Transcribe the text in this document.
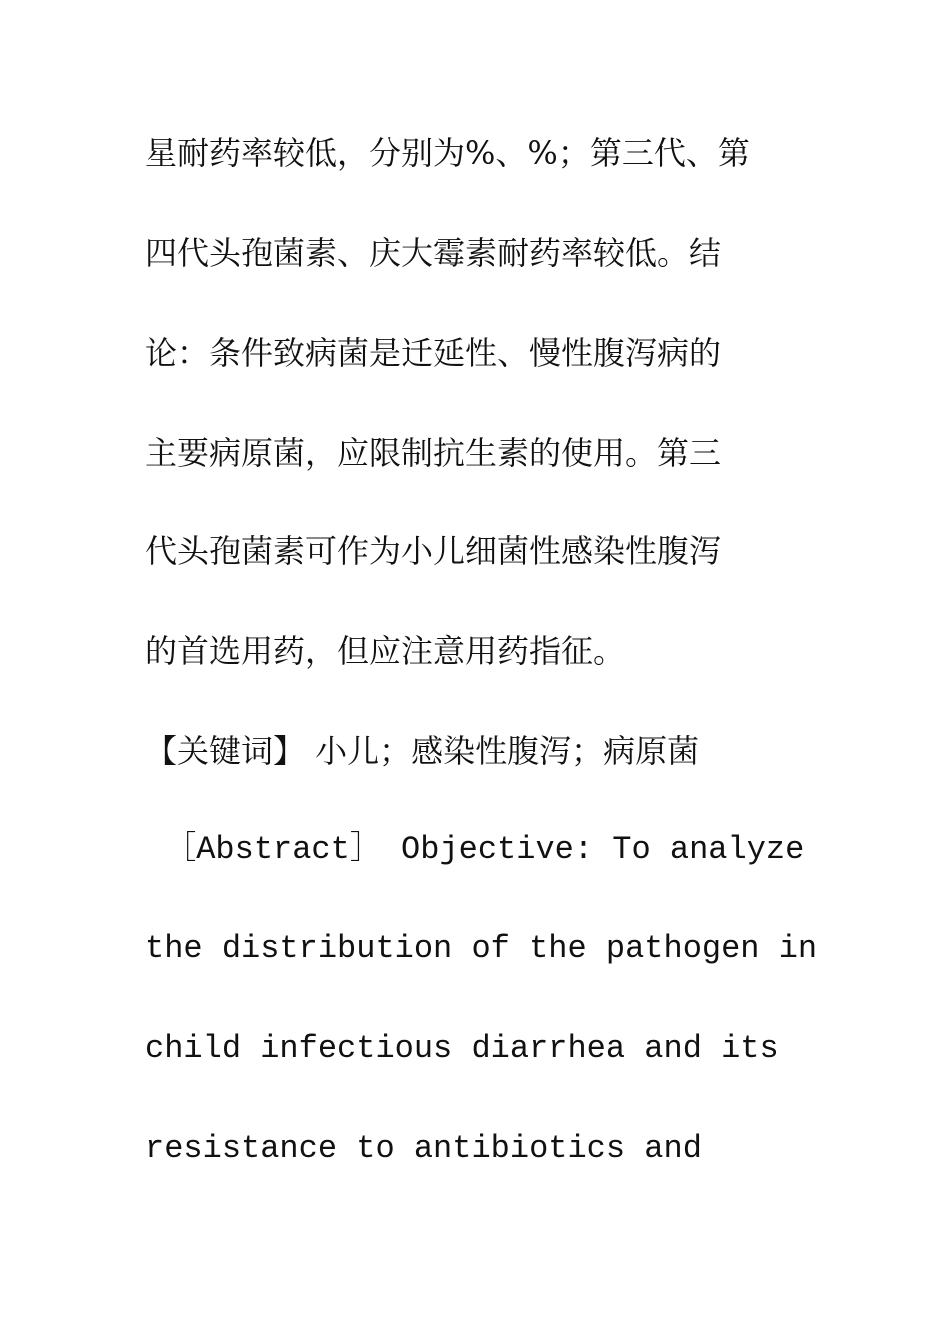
星耐药率较低，分别为%、%；第三代、第
四代头孢菌素、庆大霉素耐药率较低。结
论：条件致病菌是迁延性、慢性腹泻病的
主要病原菌，应限制抗生素的使用。第三
代头孢菌素可作为小儿细菌性感染性腹泻
的首选用药，但应注意用药指征。
【关键词】 小儿；感染性腹泻；病原菌
［Abstract］ Objective: To analyze
the distribution of the pathogen in
child infectious diarrhea and its
resistance to antibiotics and
